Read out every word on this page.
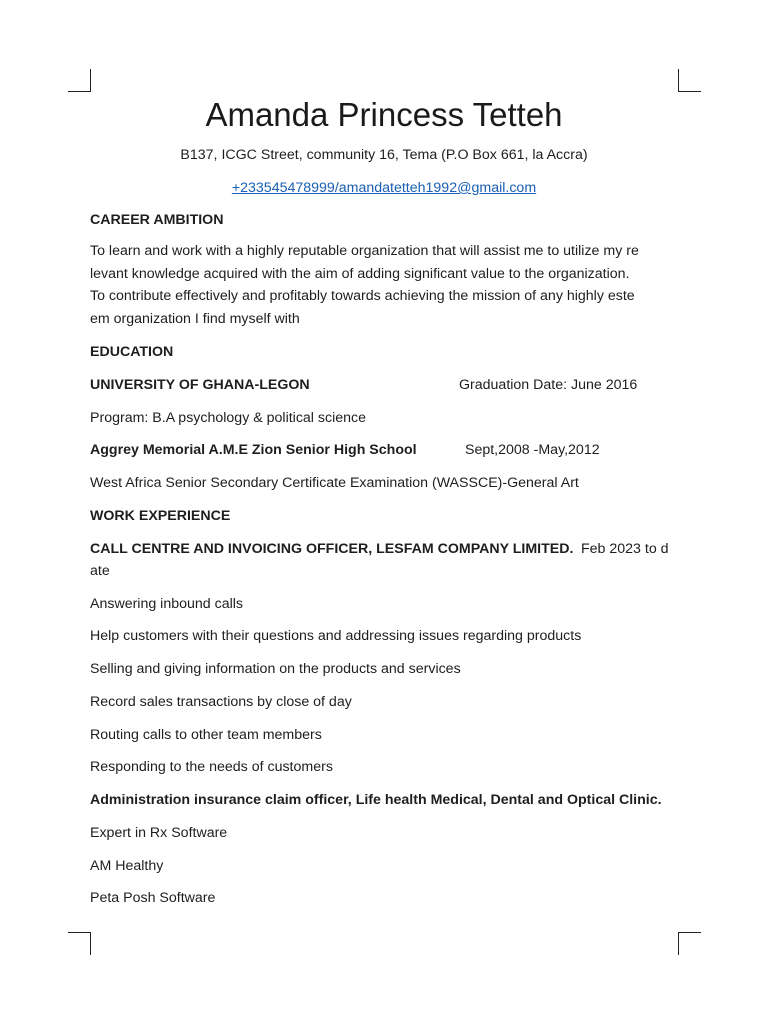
Amanda Princess Tetteh
B137, ICGC Street, community 16, Tema (P.O Box 661, la Accra)
+233545478999/amandatetteh1992@gmail.com
CAREER AMBITION
To learn and work with a highly reputable organization that will assist me to utilize my re
levant knowledge acquired with the aim of adding significant value to the organization.
To contribute effectively and profitably towards achieving the mission of any highly este
em organization I find myself with
EDUCATION
UNIVERSITY OF GHANA-LEGON	Graduation Date: June 2016
Program: B.A psychology & political science
Aggrey Memorial A.M.E Zion Senior High School	Sept,2008 -May,2012
West Africa Senior Secondary Certificate Examination (WASSCE)-General Art
WORK EXPERIENCE
CALL CENTRE AND INVOICING OFFICER, LESFAM COMPANY LIMITED. Feb 2023 to d
ate
Answering inbound calls
Help customers with their questions and addressing issues regarding products
Selling and giving information on the products and services
Record sales transactions by close of day
Routing calls to other team members
Responding to the needs of customers
Administration insurance claim officer, Life health Medical, Dental and Optical Clinic.
Expert in Rx Software
AM Healthy
Peta Posh Software
